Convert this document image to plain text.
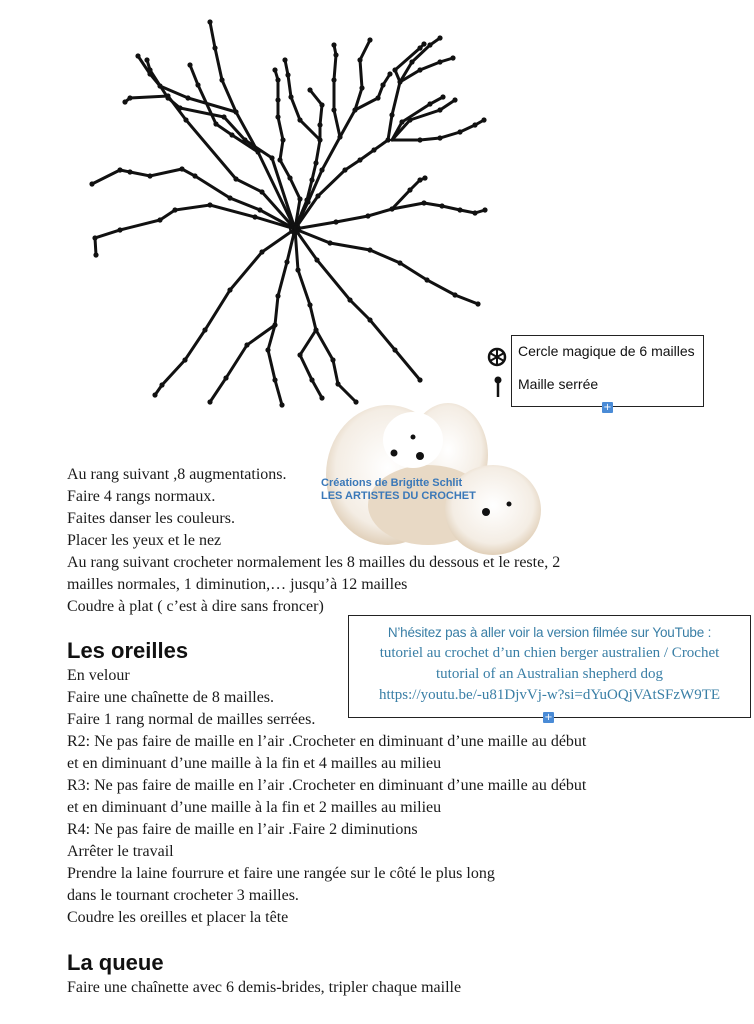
Cercle magique de 6 mailles
Maille serrée
+
Créations de Brigitte Schlit
LES ARTISTES DU CROCHET
Au rang suivant ,8 augmentations.
Faire 4 rangs normaux.
Faites danser les couleurs.
Placer les yeux et le nez
Au rang suivant crocheter normalement les 8 mailles du dessous et le reste, 2
mailles normales, 1 diminution,… jusqu’à 12 mailles
Coudre à plat ( c’est à dire sans froncer)
N’hésitez pas à aller voir la version filmée sur YouTube :
tutoriel au crochet d’un chien berger australien / Crochet
tutorial of an Australian shepherd dog
https://youtu.be/-u81DjvVj-w?si=dYuOQjVAtSFzW9TE
+
Les oreilles
En velour
Faire une chaînette de 8 mailles.
Faire 1 rang normal de mailles serrées.
R2: Ne pas faire de maille en l’air .Crocheter en diminuant d’une maille au début
et en diminuant d’une maille à la fin et 4 mailles au milieu
R3: Ne pas faire de maille en l’air .Crocheter en diminuant d’une maille au début
et en diminuant d’une maille à la fin et 2 mailles au milieu
R4: Ne pas faire de maille en l’air .Faire 2 diminutions
Arrêter le travail
Prendre la laine fourrure et faire une rangée sur le côté le plus long
dans le tournant crocheter 3 mailles.
Coudre les oreilles et placer la tête
La queue
Faire une chaînette avec 6 demis-brides, tripler chaque maille
